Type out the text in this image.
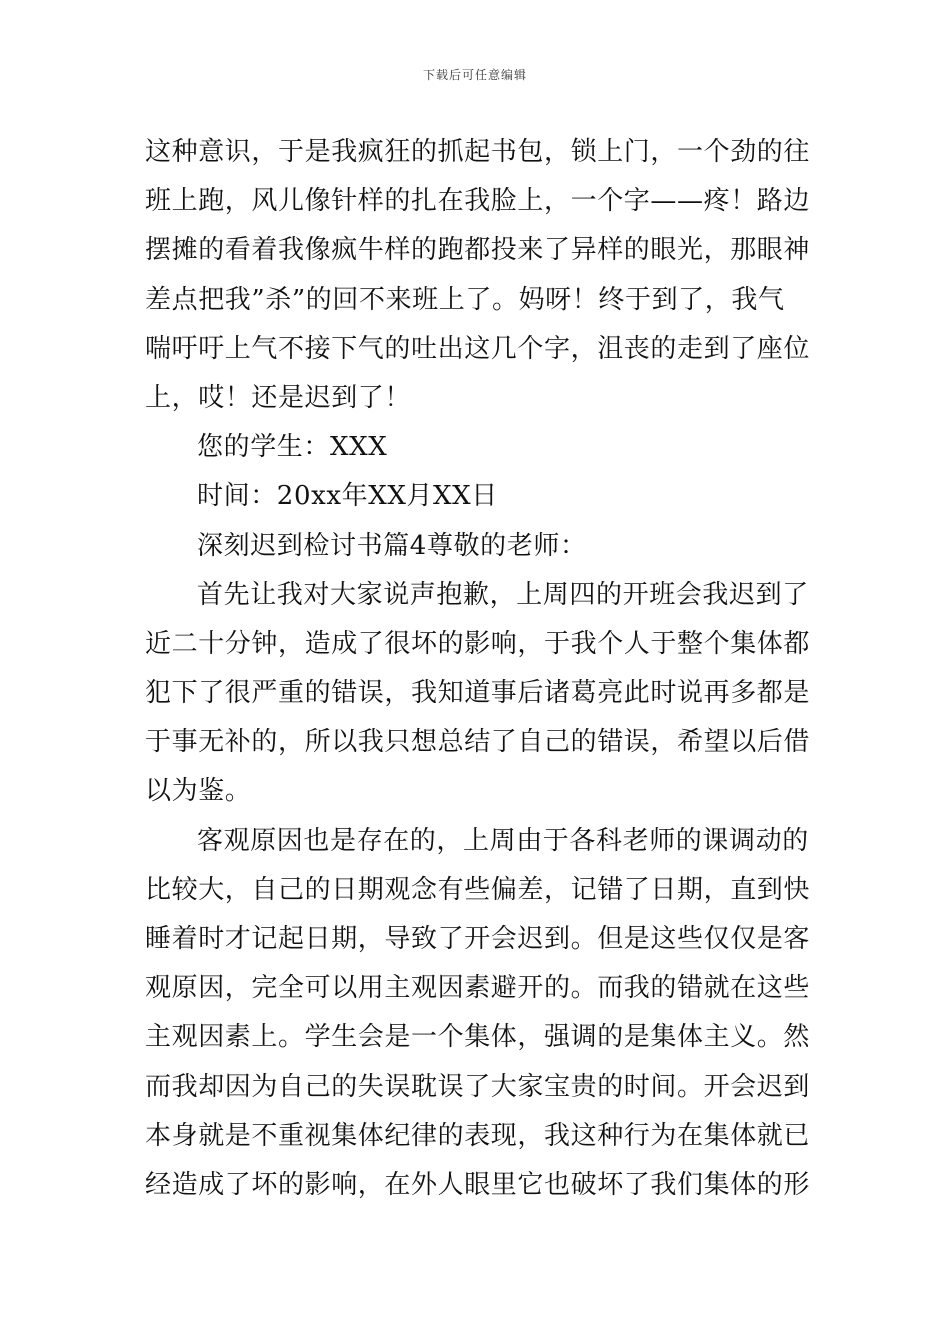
下载后可任意编辑
这种意识，于是我疯狂的抓起书包，锁上门，一个劲的往
班上跑，风儿像针样的扎在我脸上，一个字——疼！路边
摆摊的看着我像疯牛样的跑都投来了异样的眼光，那眼神
差点把我”杀”的回不来班上了。妈呀！终于到了，我气
喘吁吁上气不接下气的吐出这几个字，沮丧的走到了座位
上，哎！还是迟到了！
您的学生：XXX
时间：20xx年XX月XX日
深刻迟到检讨书篇4尊敬的老师：
首先让我对大家说声抱歉，上周四的开班会我迟到了
近二十分钟，造成了很坏的影响，于我个人于整个集体都
犯下了很严重的错误，我知道事后诸葛亮此时说再多都是
于事无补的，所以我只想总结了自己的错误，希望以后借
以为鉴。
客观原因也是存在的，上周由于各科老师的课调动的
比较大，自己的日期观念有些偏差，记错了日期，直到快
睡着时才记起日期，导致了开会迟到。但是这些仅仅是客
观原因，完全可以用主观因素避开的。而我的错就在这些
主观因素上。学生会是一个集体，强调的是集体主义。然
而我却因为自己的失误耽误了大家宝贵的时间。开会迟到
本身就是不重视集体纪律的表现，我这种行为在集体就已
经造成了坏的影响，在外人眼里它也破坏了我们集体的形
